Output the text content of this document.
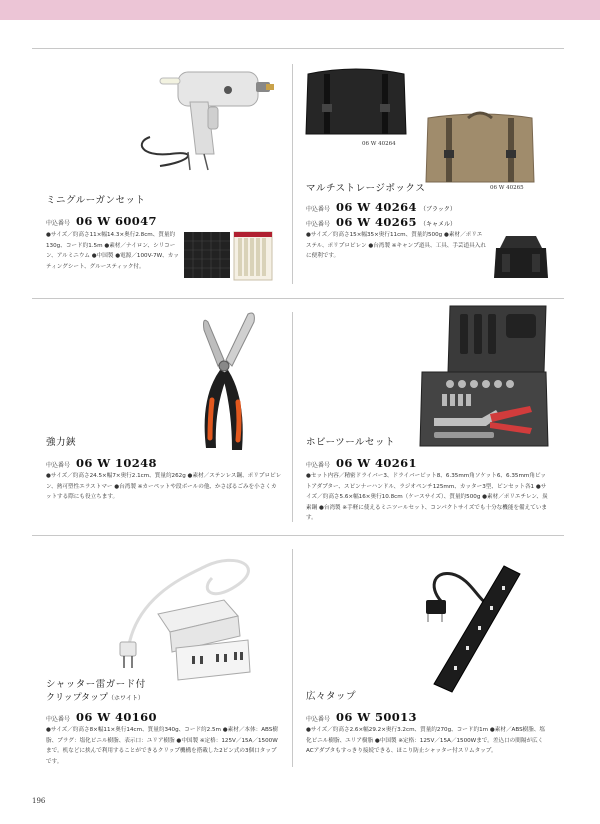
ミニグルーガンセット
中込番号 06 W 60047
●サイズ／約高さ11×幅14.3×奥行2.8cm、質量約130g、コード約1.5m ●素材／ナイロン、シリコーン、アルミニウム ●中国製 ●電源／100V-7W、カッティングシート、グルースティック付。
06 W 40264
06 W 40265
マルチストレージボックス
中込番号 06 W 40264 （ブラック）
中込番号 06 W 40265 （キャメル）
●サイズ／約高さ15×幅35×奥行11cm、質量約500g ●素材／ポリエステル、ポリプロピレン ●台湾製 ※キャンプ道具、工具、手芸道具入れに便利です。
強力鋏
中込番号 06 W 10248
●サイズ／約高さ24.5×幅7×奥行2.1cm、質量約262g ●素材／ステンレス鋼、ポリプロピレン、熱可塑性エラストマー ●台湾製 ※カーペットや段ボールの他、かさばるごみを小さくカットする際にも役立ちます。
ホビーツールセット
中込番号 06 W 40261
●セット内容／精密ドライバー3、ドライバービット8、6.35mm角ソケット6、6.35mm角ビットアダプター、スピンナーハンドル、ラジオペンチ125mm、カッター3型、ピンセット各1 ●サイズ／約高さ5.6×幅16×奥行10.8cm（ケースサイズ）、質量約500g ●素材／ポリエチレン、炭素鋼 ●台湾製 ※手軽に使えるミニツールセット、コンパクトサイズでも十分な機能を備えています。
シャッター雷ガード付
クリップタップ（ホワイト）
中込番号 06 W 40160
●サイズ／約高さ8×幅11×奥行14cm、質量約340g、コード約2.5m ●素材／本体：ABS樹脂、プラグ：塩化ビニル樹脂、表示口：ユリア樹脂 ●中国製 ※定格：125V／15A／1500Wまで。机などに挟んで利用することができるクリップ機構を搭載した2ピン式の3個口タップです。
広々タップ
中込番号 06 W 50013
●サイズ／約高さ2.6×幅29.2×奥行3.2cm、質量約270g、コード約1m ●素材／ABS樹脂、塩化ビニル樹脂、ユリア樹脂 ●中国製 ※定格：125V／15A／1500Wまで。差込口の間隔が広くACアダプタもすっきり接続できる、ほこり防止シャッター付スリムタップ。
196
